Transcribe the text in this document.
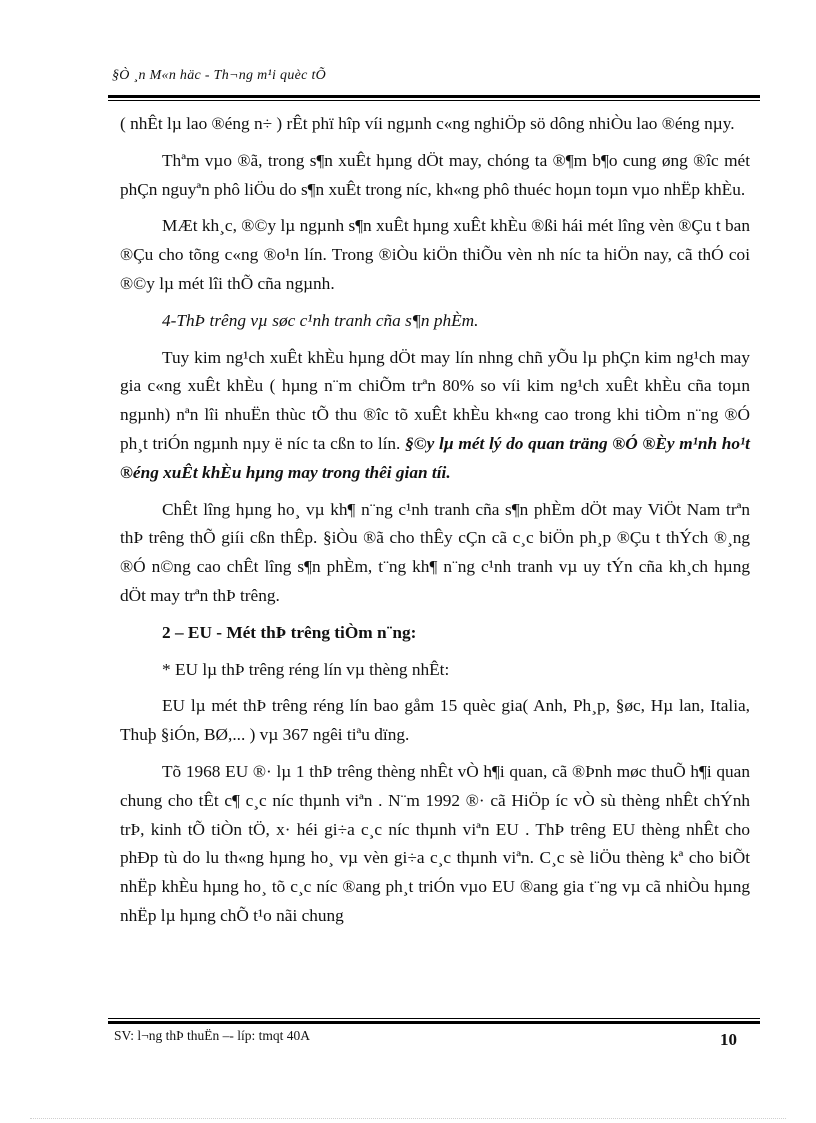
§Ò ¸n M«n häc - Th¬ng m¹i quèc tÕ

( nhÊt lµ lao ®éng n÷ ) rÊt phï hîp víi ngµnh c«ng nghiÖp sö dông nhiÒu lao ®éng nµy.

Thªm vµo ®ã, trong s¶n xuÊt hµng dÖt may, chóng ta ®¶m b¶o cung øng ®îc mét phÇn nguyªn phô liÖu do s¶n xuÊt trong níc, kh«ng phô thuéc hoµn toµn vµo nhËp khÈu.

MÆt kh¸c, ®©y lµ ngµnh s¶n xuÊt hµng xuÊt khÈu ®ßi hái mét lîng vèn ®Çu t ban ®Çu cho tõng c«ng ®o¹n lín. Trong ®iÒu kiÖn thiÕu vèn nh níc ta hiÖn nay, cã thÓ coi ®©y lµ mét lîi thÕ cña ngµnh.

4-ThÞ trêng vµ søc c¹nh tranh cña s¶n phÈm.

Tuy kim ng¹ch xuÊt khÈu hµng dÖt may lín nhng chñ yÕu lµ phÇn kim ng¹ch may gia c«ng xuÊt khÈu ( hµng n¨m chiÕm trªn 80% so víi kim ng¹ch xuÊt khÈu cña toµn ngµnh) nªn lîi nhuËn thùc tÕ thu ®îc tõ xuÊt khÈu kh«ng cao trong khi tiÒm n¨ng ®Ó ph¸t triÓn ngµnh nµy ë níc ta cßn to lín. §©y lµ mét lý do quan träng ®Ó ®Èy m¹nh ho¹t ®éng xuÊt khÈu hµng may trong thêi gian tíi.

ChÊt lîng hµng ho¸ vµ kh¶ n¨ng c¹nh tranh cña s¶n phÈm dÖt may ViÖt Nam trªn thÞ trêng thÕ giíi cßn thÊp. §iÒu ®ã cho thÊy cÇn cã c¸c biÖn ph¸p ®Çu t thÝch ®¸ng ®Ó n©ng cao chÊt lîng s¶n phÈm, t¨ng kh¶ n¨ng c¹nh tranh vµ uy tÝn cña kh¸ch hµng dÖt may trªn thÞ trêng.

2 – EU - Mét thÞ trêng tiÒm n¨ng:

* EU lµ thÞ trêng réng lín vµ thèng nhÊt:

EU lµ mét thÞ trêng réng lín bao gåm 15 quèc gia( Anh, Ph¸p, §øc, Hµ lan, Italia, Thuþ §iÓn, BØ,... ) vµ 367 ngêi tiªu dïng.

Tõ 1968 EU ®· lµ 1 thÞ trêng thèng nhÊt vÒ h¶i quan, cã ®Þnh møc thuÕ h¶i quan chung cho tÊt c¶ c¸c níc thµnh viªn . N¨m 1992 ®· cã HiÖp íc vÒ sù thèng nhÊt chÝnh trÞ, kinh tÕ tiÒn tÖ, x· héi gi÷a c¸c níc thµnh viªn EU . ThÞ trêng EU thèng nhÊt cho phÐp tù do lu th«ng hµng ho¸ vµ vèn gi÷a c¸c thµnh viªn. C¸c sè liÖu thèng kª cho biÕt nhËp khÈu hµng ho¸ tõ c¸c níc ®ang ph¸t triÓn vµo EU ®ang gia t¨ng vµ cã nhiÒu hµng nhËp lµ hµng chÕ t¹o nãi chung

SV: l¬ng thÞ thuËn –- líp: tmqt 40A	10
